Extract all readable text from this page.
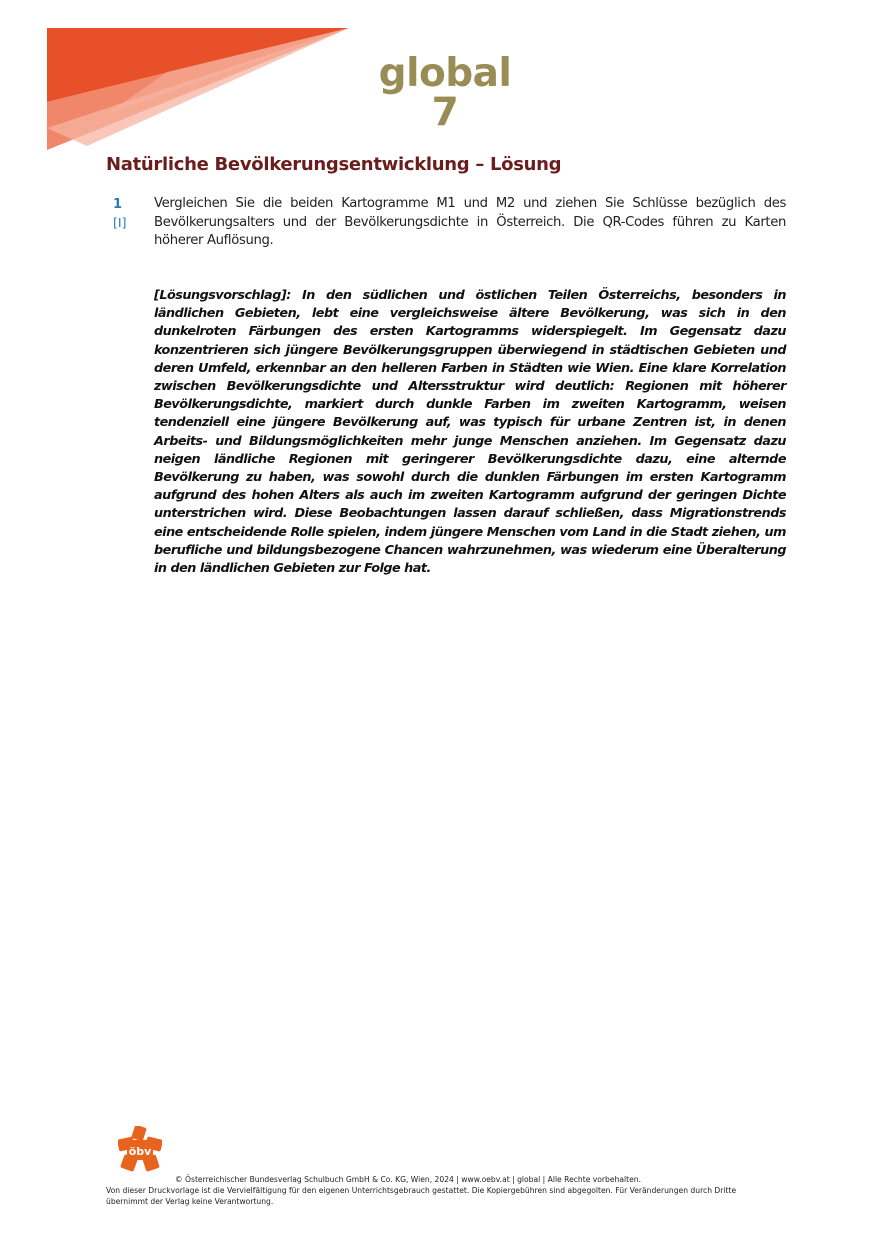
global 7
Natürliche Bevölkerungsentwicklung – Lösung
1
[I]
Vergleichen Sie die beiden Kartogramme M1 und M2 und ziehen Sie Schlüsse bezüglich des Bevölkerungsalters und der Bevölkerungsdichte in Österreich. Die QR-Codes führen zu Karten höherer Auflösung.
[Lösungsvorschlag]: In den südlichen und östlichen Teilen Österreichs, besonders in ländlichen Gebieten, lebt eine vergleichsweise ältere Bevölkerung, was sich in den dunkelroten Färbungen des ersten Kartogramms widerspiegelt. Im Gegensatz dazu konzentrieren sich jüngere Bevölkerungsgruppen überwiegend in städtischen Gebieten und deren Umfeld, erkennbar an den helleren Farben in Städten wie Wien. Eine klare Korrelation zwischen Bevölkerungsdichte und Altersstruktur wird deutlich: Regionen mit höherer Bevölkerungsdichte, markiert durch dunkle Farben im zweiten Kartogramm, weisen tendenziell eine jüngere Bevölkerung auf, was typisch für urbane Zentren ist, in denen Arbeits- und Bildungsmöglichkeiten mehr junge Menschen anziehen. Im Gegensatz dazu neigen ländliche Regionen mit geringerer Bevölkerungsdichte dazu, eine alternde Bevölkerung zu haben, was sowohl durch die dunklen Färbungen im ersten Kartogramm aufgrund des hohen Alters als auch im zweiten Kartogramm aufgrund der geringen Dichte unterstrichen wird. Diese Beobachtungen lassen darauf schließen, dass Migrationstrends eine entscheidende Rolle spielen, indem jüngere Menschen vom Land in die Stadt ziehen, um berufliche und bildungsbezogene Chancen wahrzunehmen, was wiederum eine Überalterung in den ländlichen Gebieten zur Folge hat.
öbv
© Österreichischer Bundesverlag Schulbuch GmbH & Co. KG, Wien, 2024 | www.oebv.at | global | Alle Rechte vorbehalten.
Von dieser Druckvorlage ist die Vervielfältigung für den eigenen Unterrichtsgebrauch gestattet. Die Kopiergebühren sind abgegolten. Für Veränderungen durch Dritte übernimmt der Verlag keine Verantwortung.
